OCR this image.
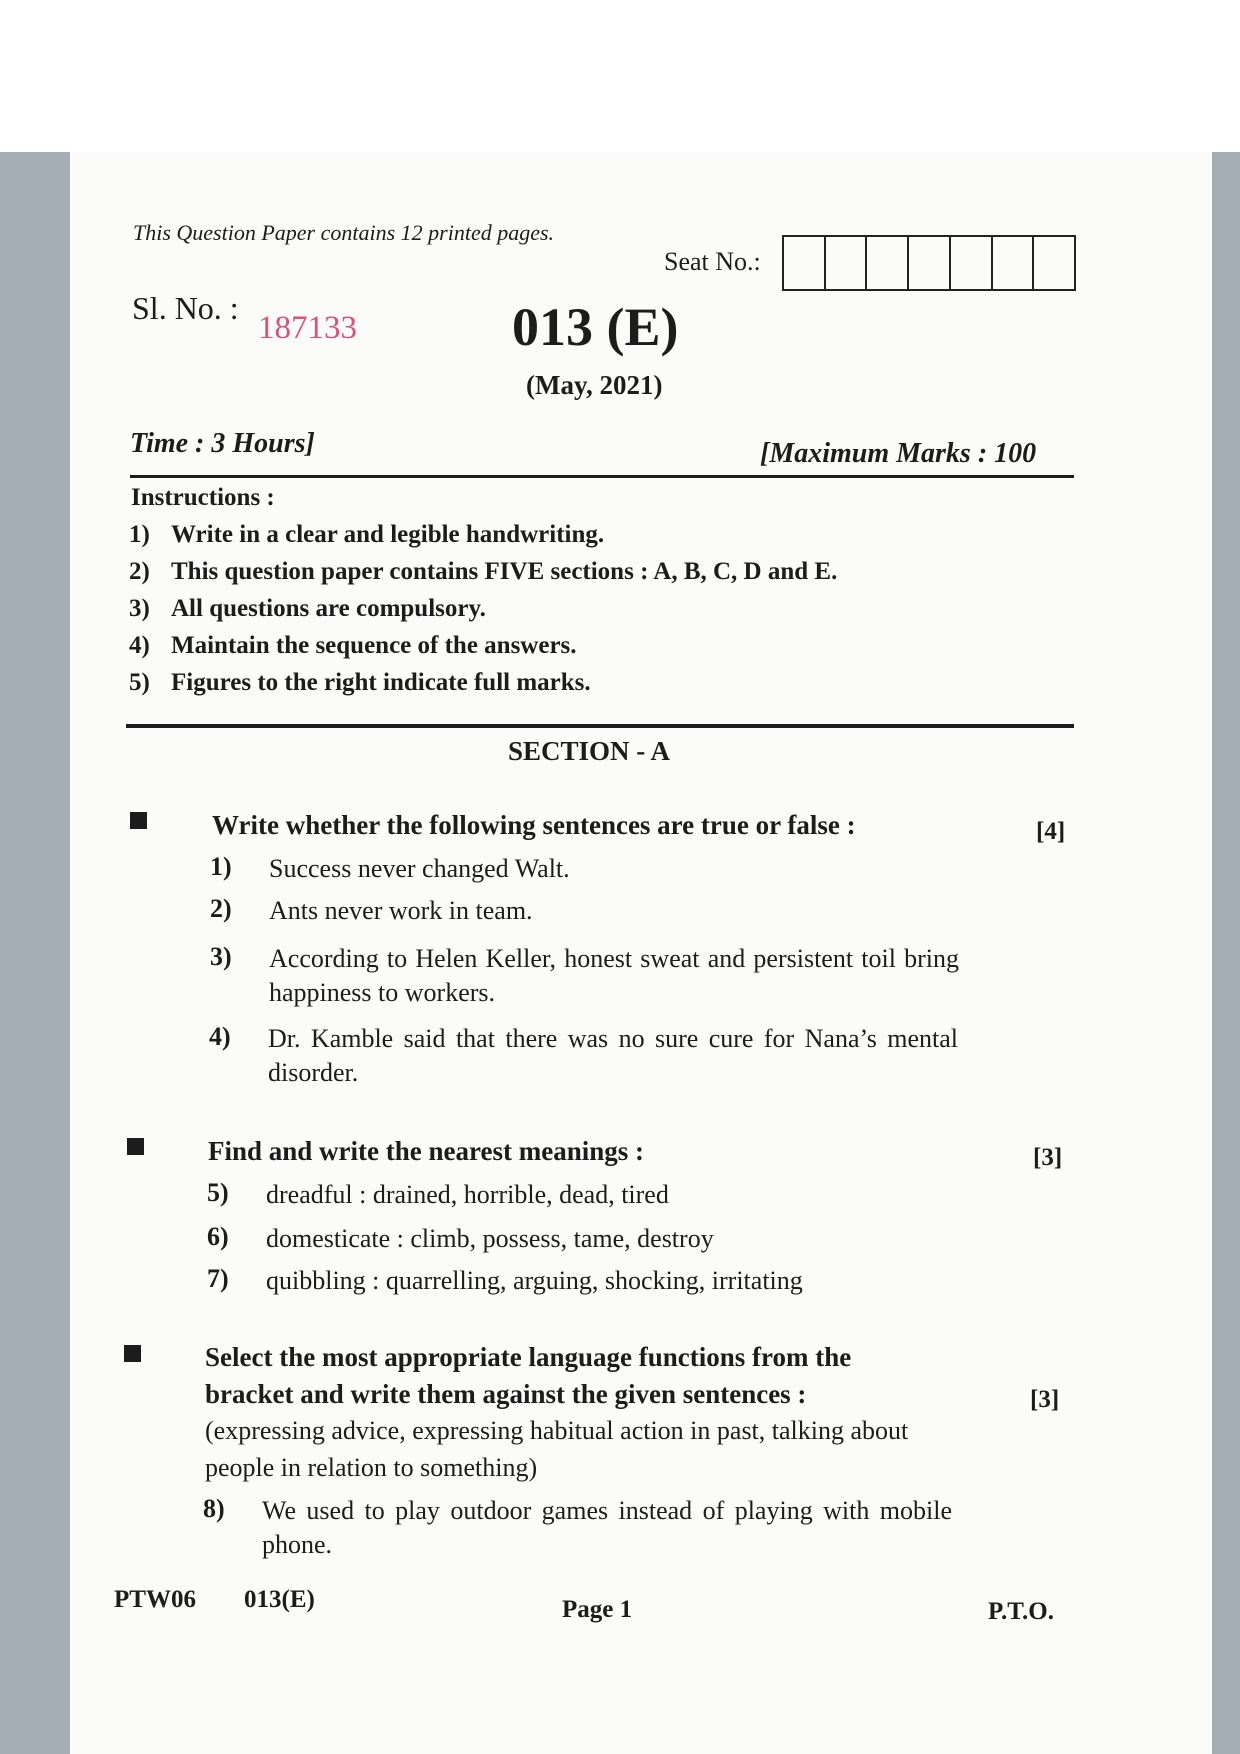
This Question Paper contains 12 printed pages.
Seat No.:
Sl. No. :
187133	013 (E)
(May, 2021)
Time : 3 Hours]	[Maximum Marks : 100
Instructions :
1) Write in a clear and legible handwriting.
2) This question paper contains FIVE sections : A, B, C, D and E.
3) All questions are compulsory.
4) Maintain the sequence of the answers.
5) Figures to the right indicate full marks.
SECTION - A
Write whether the following sentences are true or false :	[4]
1)	Success never changed Walt.
2)	Ants never work in team.
3)	According to Helen Keller, honest sweat and persistent toil bring happiness to workers.
4)	Dr. Kamble said that there was no sure cure for Nana’s mental disorder.
Find and write the nearest meanings :	[3]
5)	dreadful : drained, horrible, dead, tired
6)	domesticate : climb, possess, tame, destroy
7)	quibbling : quarrelling, arguing, shocking, irritating
Select the most appropriate language functions from the
bracket and write them against the given sentences :	[3]
(expressing advice, expressing habitual action in past, talking about
people in relation to something)
8)	We used to play outdoor games instead of playing with mobile phone.
PTW06 013(E)	Page 1	P.T.O.
